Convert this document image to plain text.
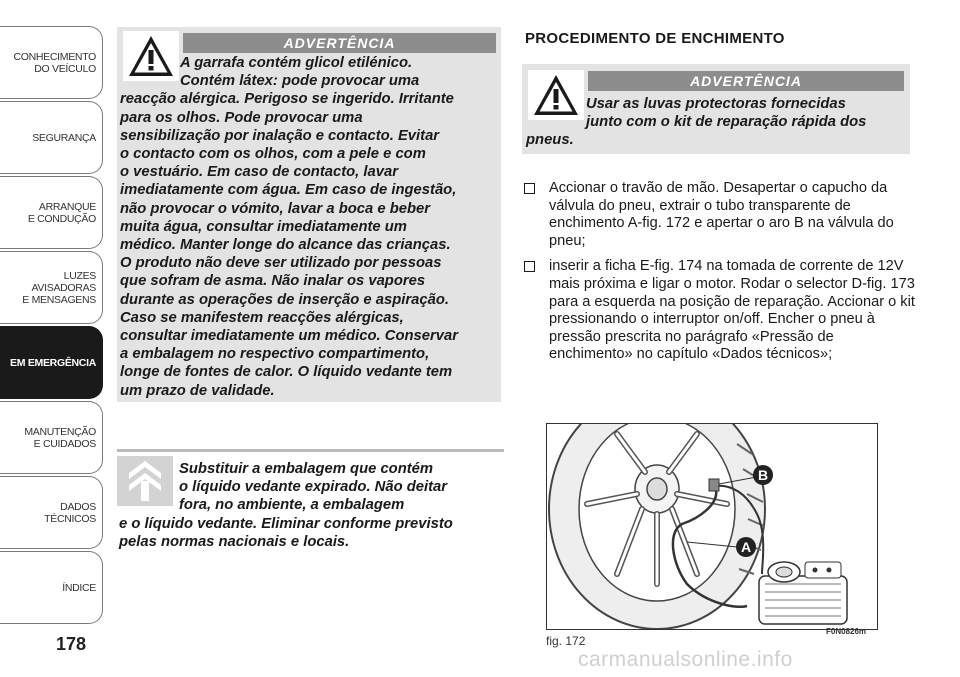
CONHECIMENTO
DO VEÍCULO
SEGURANÇA
ARRANQUE
E CONDUÇÃO
LUZES
AVISADORAS
E MENSAGENS
EM EMERGÊNCIA
MANUTENÇÃO
E CUIDADOS
DADOS
TÉCNICOS
ÍNDICE
178
ADVERTÊNCIA
A garrafa contém glicol etilénico.
Contém látex: pode provocar uma
reacção alérgica. Perigoso se ingerido. Irritante
para os olhos. Pode provocar uma
sensibilização por inalação e contacto. Evitar
o contacto com os olhos, com a pele e com
o vestuário. Em caso de contacto, lavar
imediatamente com água. Em caso de ingestão,
não provocar o vómito, lavar a boca e beber
muita água, consultar imediatamente um
médico. Manter longe do alcance das crianças.
O produto não deve ser utilizado por pessoas
que sofram de asma. Não inalar os vapores
durante as operações de inserção e aspiração.
Caso se manifestem reacções alérgicas,
consultar imediatamente um médico. Conservar
a embalagem no respectivo compartimento,
longe de fontes de calor. O líquido vedante tem
um prazo de validade.
Substituir a embalagem que contém
o líquido vedante expirado. Não deitar
fora, no ambiente, a embalagem
e o líquido vedante. Eliminar conforme previsto
pelas normas nacionais e locais.
PROCEDIMENTO DE ENCHIMENTO
ADVERTÊNCIA
Usar as luvas protectoras fornecidas
junto com o kit de reparação rápida dos
pneus.
Accionar o travão de mão. Desapertar o capucho da válvula do pneu, extrair o tubo transparente de enchimento A-fig. 172 e apertar o aro B na válvula do pneu;
inserir a ficha E-fig. 174 na tomada de corrente de 12V mais próxima e ligar o motor. Rodar o selector D-fig. 173 para a esquerda na posição de reparação. Accionar o kit pressionando o interruptor on/off. Encher o pneu à pressão prescrita no parágrafo «Pressão de enchimento» no capítulo «Dados técnicos»;
B
A
fig. 172
F0N0826m
carmanualsonline.info
